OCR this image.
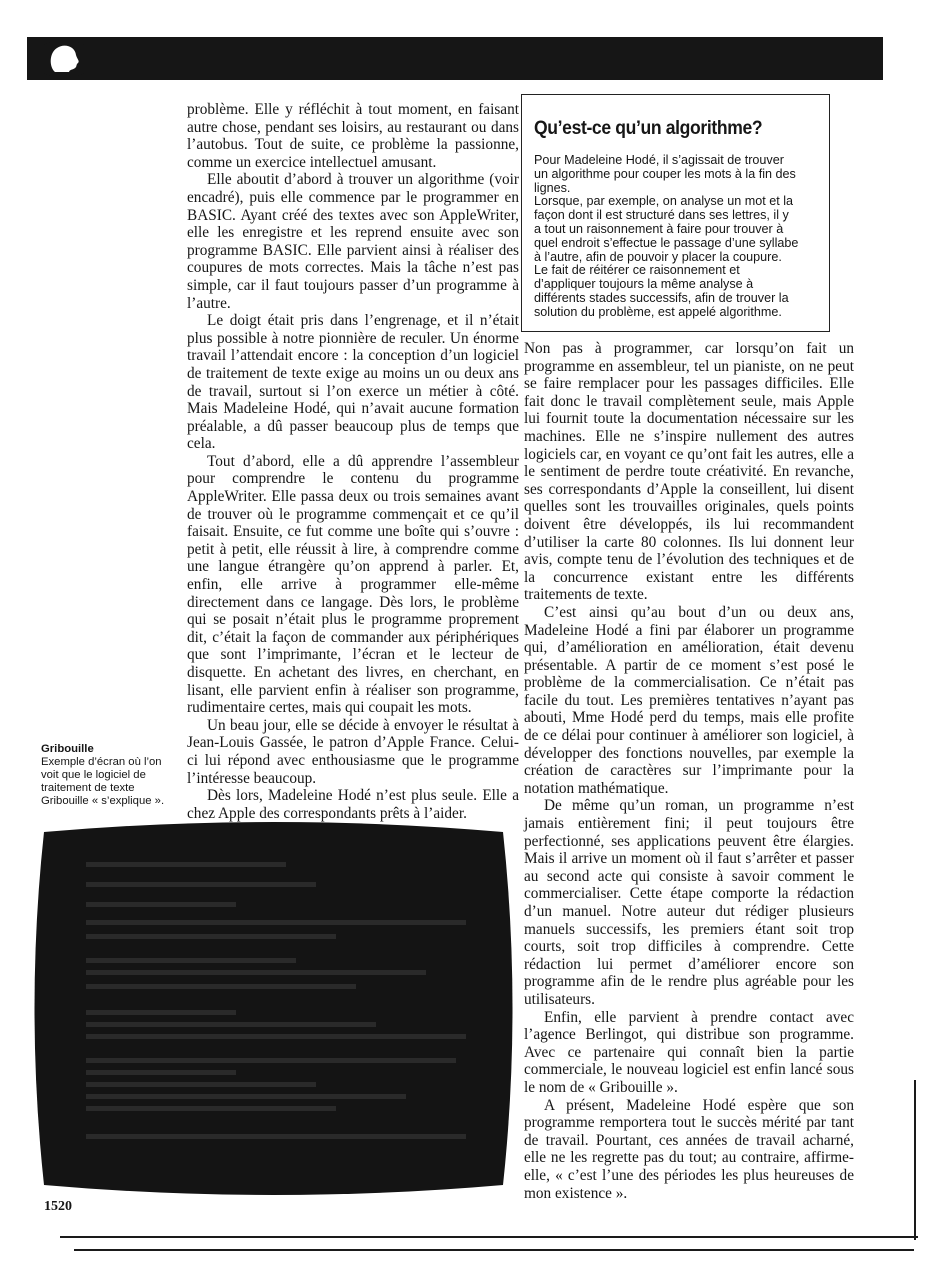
problème. Elle y réfléchit à tout moment, en faisant autre chose, pendant ses loisirs, au restaurant ou dans l’autobus. Tout de suite, ce problème la passionne, comme un exercice intellectuel amusant.

Elle aboutit d’abord à trouver un algorithme (voir encadré), puis elle commence par le programmer en BASIC. Ayant créé des textes avec son AppleWriter, elle les enregistre et les reprend ensuite avec son programme BASIC. Elle parvient ainsi à réaliser des coupures de mots correctes. Mais la tâche n’est pas simple, car il faut toujours passer d’un programme à l’autre.

Le doigt était pris dans l’engrenage, et il n’était plus possible à notre pionnière de reculer. Un énorme travail l’attendait encore : la conception d’un logiciel de traitement de texte exige au moins un ou deux ans de travail, surtout si l’on exerce un métier à côté. Mais Madeleine Hodé, qui n’avait aucune formation préalable, a dû passer beaucoup plus de temps que cela.

Tout d’abord, elle a dû apprendre l’assembleur pour comprendre le contenu du programme AppleWriter. Elle passa deux ou trois semaines avant de trouver où le programme commençait et ce qu’il faisait. Ensuite, ce fut comme une boîte qui s’ouvre : petit à petit, elle réussit à lire, à comprendre comme une langue étrangère qu’on apprend à parler. Et, enfin, elle arrive à programmer elle-même directement dans ce langage. Dès lors, le problème qui se posait n’était plus le programme proprement dit, c’était la façon de commander aux périphériques que sont l’imprimante, l’écran et le lecteur de disquette. En achetant des livres, en cherchant, en lisant, elle parvient enfin à réaliser son programme, rudimentaire certes, mais qui coupait les mots.

Un beau jour, elle se décide à envoyer le résultat à Jean-Louis Gassée, le patron d’Apple France. Celui-ci lui répond avec enthousiasme que le programme l’intéresse beaucoup.

Dès lors, Madeleine Hodé n’est plus seule. Elle a chez Apple des correspondants prêts à l’aider.

Qu’est-ce qu’un algorithme?
Pour Madeleine Hodé, il s’agissait de trouver
un algorithme pour couper les mots à la fin des
lignes.
Lorsque, par exemple, on analyse un mot et la
façon dont il est structuré dans ses lettres, il y
a tout un raisonnement à faire pour trouver à
quel endroit s’effectue le passage d’une syllabe
à l’autre, afin de pouvoir y placer la coupure.
Le fait de réitérer ce raisonnement et
d’appliquer toujours la même analyse à
différents stades successifs, afin de trouver la
solution du problème, est appelé algorithme.

Non pas à programmer, car lorsqu’on fait un programme en assembleur, tel un pianiste, on ne peut se faire remplacer pour les passages difficiles. Elle fait donc le travail complètement seule, mais Apple lui fournit toute la documentation nécessaire sur les machines. Elle ne s’inspire nullement des autres logiciels car, en voyant ce qu’ont fait les autres, elle a le sentiment de perdre toute créativité. En revanche, ses correspondants d’Apple la conseillent, lui disent quelles sont les trouvailles originales, quels points doivent être développés, ils lui recommandent d’utiliser la carte 80 colonnes. Ils lui donnent leur avis, compte tenu de l’évolution des techniques et de la concurrence existant entre les différents traitements de texte.

C’est ainsi qu’au bout d’un ou deux ans, Madeleine Hodé a fini par élaborer un programme qui, d’amélioration en amélioration, était devenu présentable. A partir de ce moment s’est posé le problème de la commercialisation. Ce n’était pas facile du tout. Les premières tentatives n’ayant pas abouti, Mme Hodé perd du temps, mais elle profite de ce délai pour continuer à améliorer son logiciel, à développer des fonctions nouvelles, par exemple la création de caractères sur l’imprimante pour la notation mathématique.

De même qu’un roman, un programme n’est jamais entièrement fini; il peut toujours être perfectionné, ses applications peuvent être élargies. Mais il arrive un moment où il faut s’arrêter et passer au second acte qui consiste à savoir comment le commercialiser. Cette étape comporte la rédaction d’un manuel. Notre auteur dut rédiger plusieurs manuels successifs, les premiers étant soit trop courts, soit trop difficiles à comprendre. Cette rédaction lui permet d’améliorer encore son programme afin de le rendre plus agréable pour les utilisateurs.

Enfin, elle parvient à prendre contact avec l’agence Berlingot, qui distribue son programme. Avec ce partenaire qui connaît bien la partie commerciale, le nouveau logiciel est enfin lancé sous le nom de « Gribouille ».

A présent, Madeleine Hodé espère que son programme remportera tout le succès mérité par tant de travail. Pourtant, ces années de travail acharné, elle ne les regrette pas du tout; au contraire, affirme-elle, « c’est l’une des périodes les plus heureuses de mon existence ».

Gribouille
Exemple d’écran où l’on
voit que le logiciel de
traitement de texte
Gribouille « s’explique ».
1520
